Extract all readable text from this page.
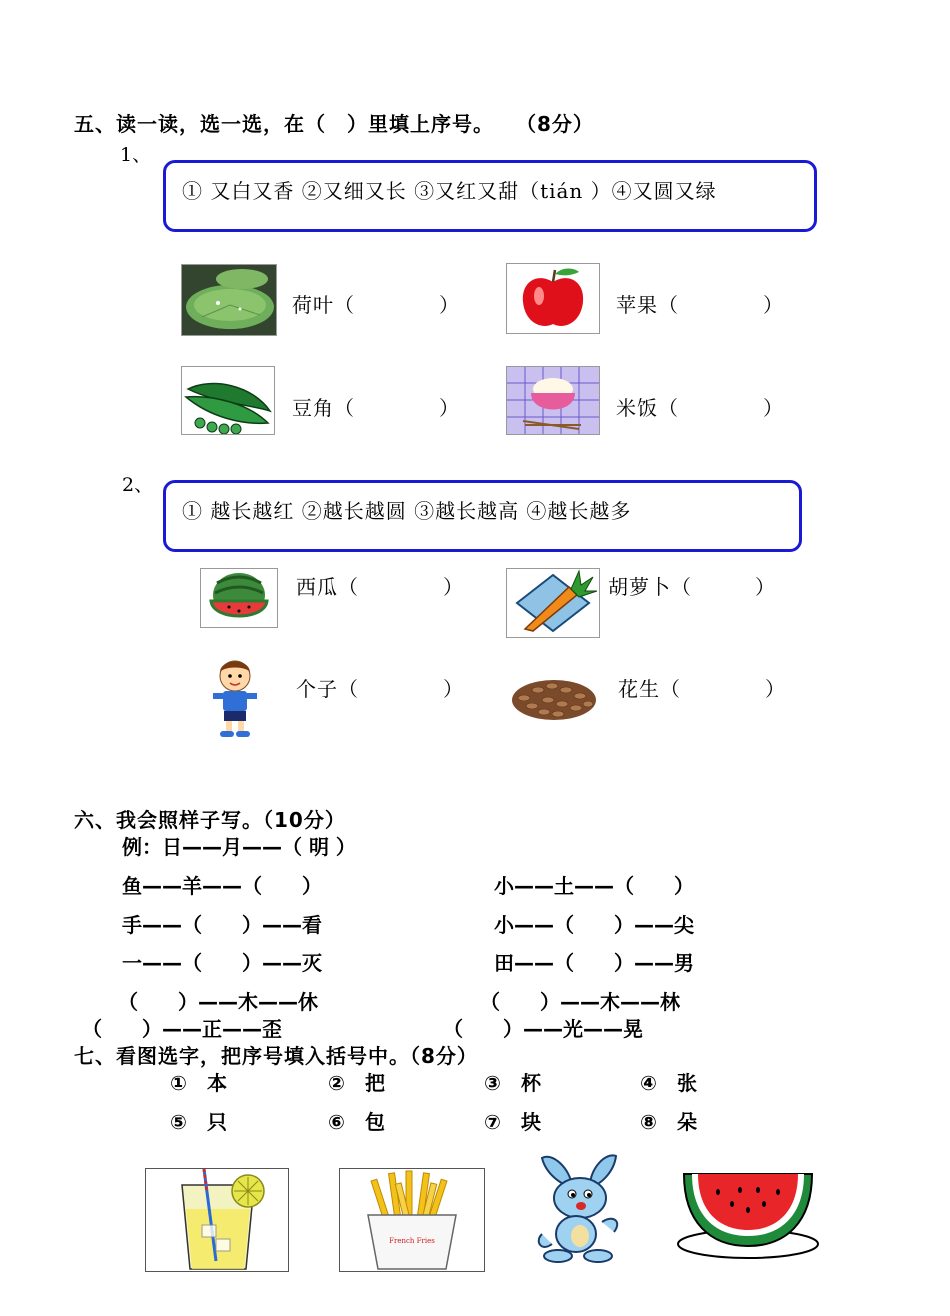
五、读一读，选一选，在（　）里填上序号。　　（8分）
1、
① 又白又香 ②又细又长 ③又红又甜（tián ）④又圆又绿
荷叶（　　　　）	苹果（　　　　）
豆角（　　　　）	米饭（　　　　）
2、
① 越长越红 ②越长越圆 ③越长越高 ④越长越多
西瓜（　　　　）	胡萝卜（　　　）
个子（　　　　）	花生（　　　　）
六、我会照样子写。（10分）
例：日——月——（ 明 ）
鱼——羊——（　　）	小——土——（　　）
手——（　　）——看	小——（　　）——尖
一——（　　）——灭	田——（　　）——男
（　　）——木——休	（　　）——木——林
（　　）——正——歪	（　　）——光——晃
七、看图选字，把序号填入括号中。（8分）
①　 本	②　 把	③　 杯	④　 张
⑤　 只	⑥　 包	⑦　 块	⑧　 朵
French Fries
